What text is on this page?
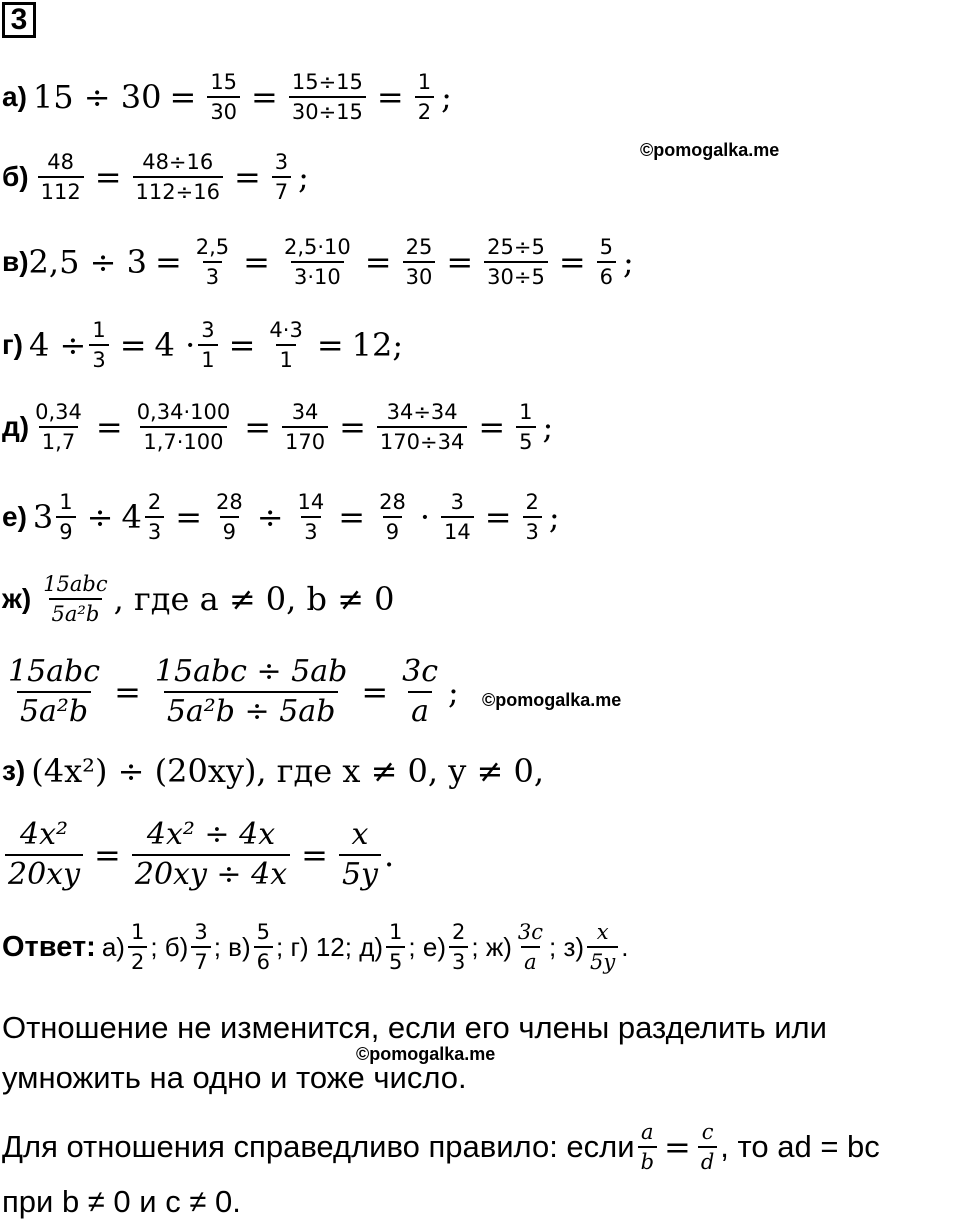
3
а) $15 \div 30 = \frac{15}{30} = \frac{15\div 15}{30\div 15} = \frac{1}{2}$ ;
©pomogalka.me
$б) \frac{48}{112} = \frac{48\div 16}{112\div 16} = \frac{3}{7}$ ;
в) $2,5 \div 3 = \frac{2,5}{3} = \frac{2,5\cdot 10}{3\cdot 10} = \frac{25}{30} = \frac{25\div 5}{30\div 5} = \frac{5}{6}$ ;
г) $4 \div \frac{1}{3} = 4 \cdot \frac{3}{1} = \frac{4\cdot 3}{1} = 12$;
$д) \frac{0,34}{1,7} = \frac{0,34\cdot 100}{1,7\cdot 100} = \frac{34}{170} = \frac{34\div 34}{170\div 34} = \frac{1}{5}$ ;
е) $3 \frac{1}{9} \div 4 \frac{2}{3} = \frac{28}{9} \div \frac{14}{3} = \frac{28}{9} \cdot \frac{3}{14} = \frac{2}{3}$ ;
$ж) \frac{\text{15abc}}{\text{5a²b}}$ , где a ≠ 0, b ≠ 0
$\frac{\text{15abc}}{\text{5a²b}} = \frac{\text{15abc ÷ 5ab}}{\text{5a²b ÷ 5ab}} = \frac{3c}{a}$ ; ©pomogalka.me
з) (4x²) ÷ (20xy), где x ≠ 0, y ≠ 0,
$\frac{\text{4x²}}{20xy} = \frac{\text{4x² ÷ 4x}}{20xy \div 4x} = \frac{x}{5y}$ .
Ответ: $а) \frac{1}{2}$ ; $б) \frac{3}{7}$ ; $в) \frac{5}{6}$ ; г) 12; $д) \frac{1}{5}$ ; $е) \frac{2}{3}$ ; $ж) \frac{3c}{a}$ ; $з) \frac{x}{5y}$ .
Отношение не изменится, если его члены разделить или
©pomogalka.me
умножить на одно и тоже число.
Для отношения справедливо правило: если $\frac{a}{b} = \frac{c}{d}$ , то ad = bc
при b ≠ 0 и c ≠ 0.
